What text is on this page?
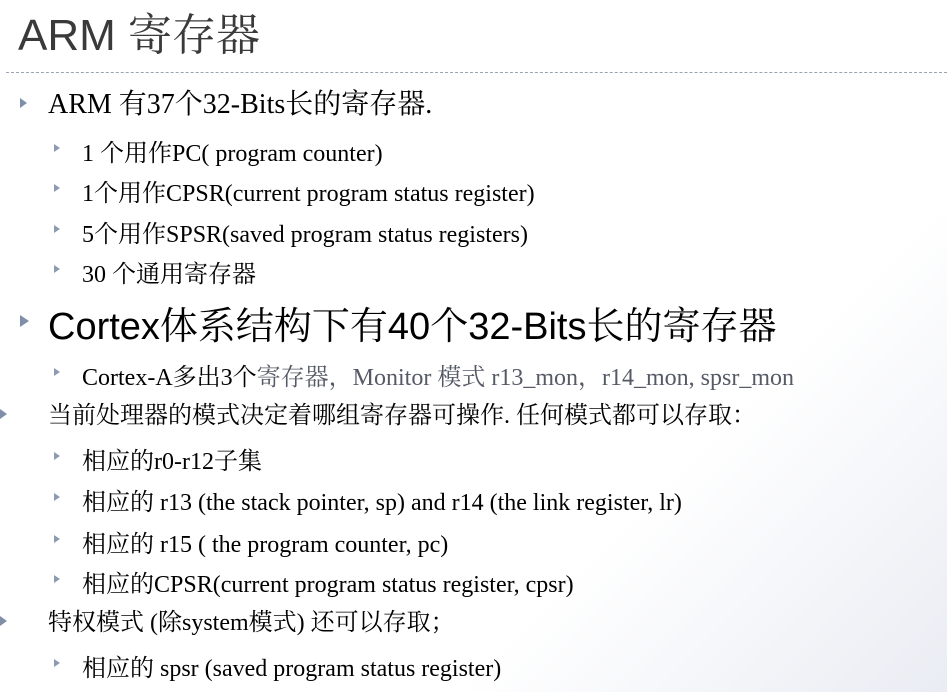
ARM 寄存器
ARM 有37个32-Bits长的寄存器.
1 个用作PC( program counter)
1个用作CPSR(current program status register)
5个用作SPSR(saved program status registers)
30 个通用寄存器
Cortex体系结构下有40个32-Bits长的寄存器
Cortex-A多出3个寄存器，Monitor 模式 r13_mon，r14_mon, spsr_mon
当前处理器的模式决定着哪组寄存器可操作. 任何模式都可以存取：
相应的r0-r12子集
相应的 r13 (the stack pointer, sp) and r14 (the link register, lr)
相应的 r15 ( the program counter, pc)
相应的CPSR(current program status register, cpsr)
特权模式 (除system模式) 还可以存取；
相应的 spsr (saved program status register)
